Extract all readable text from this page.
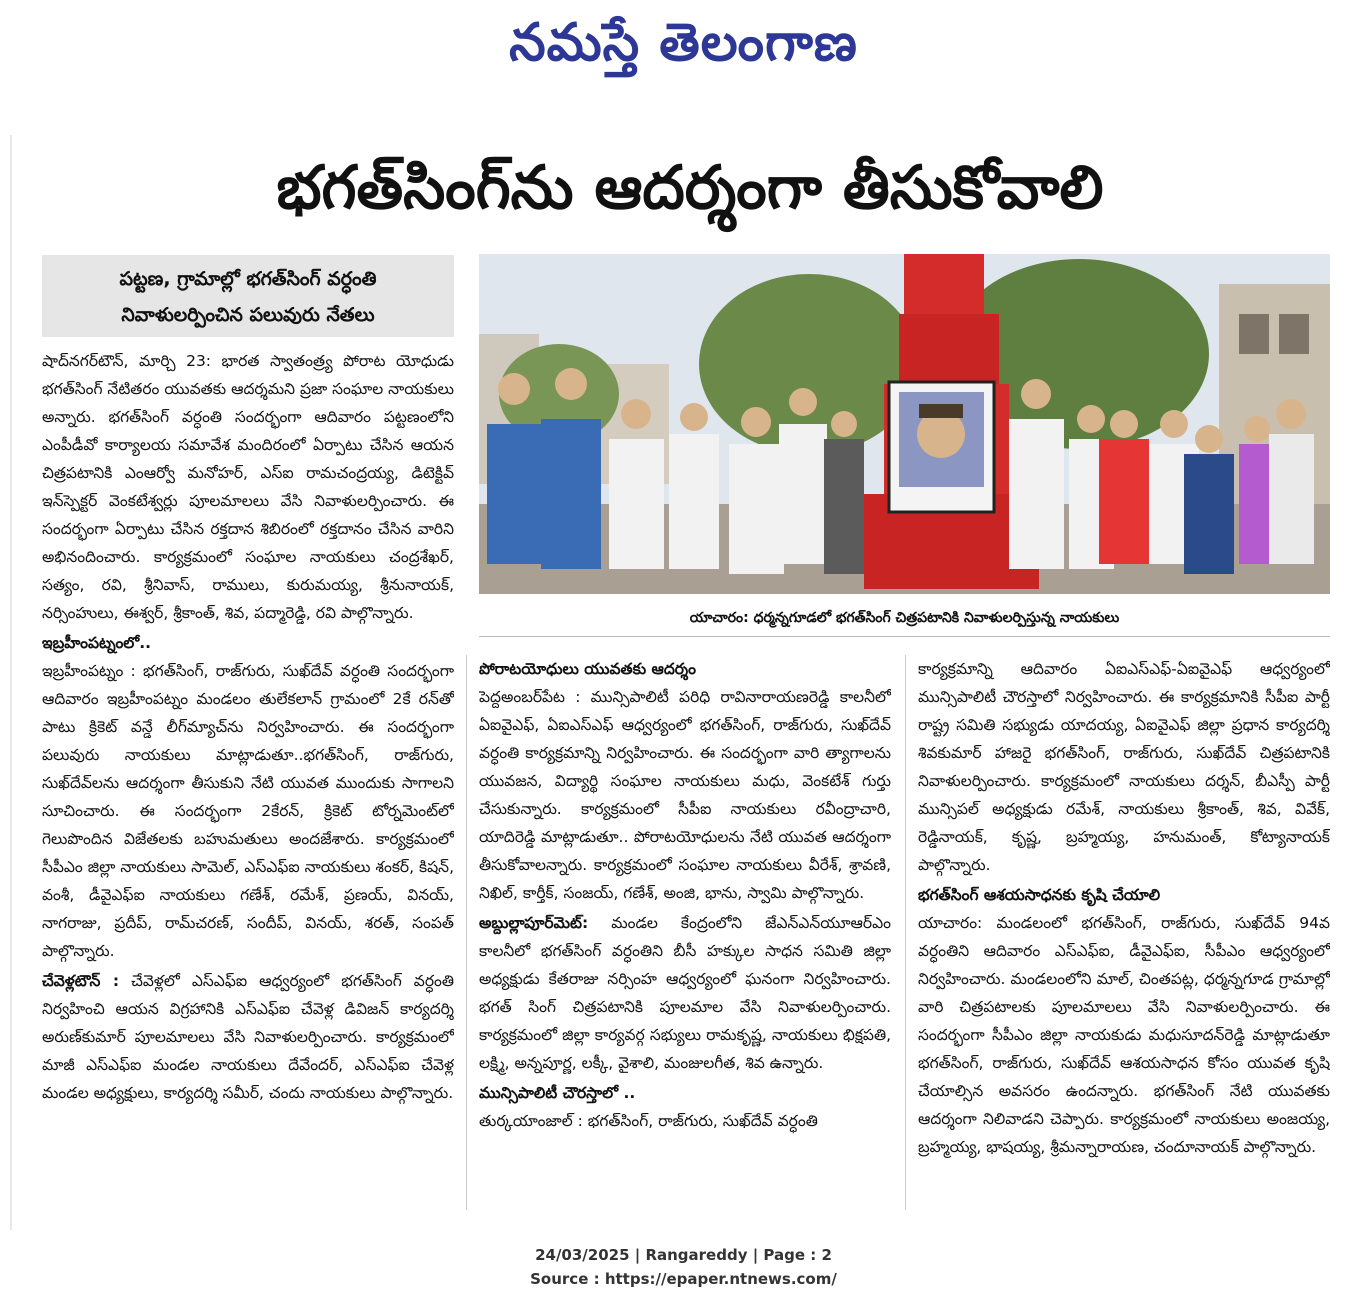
నమస్తే తెలంగాణ
భగత్‌సింగ్‌ను ఆదర్శంగా తీసుకోవాలి
పట్టణ, గ్రామాల్లో భగత్‌సింగ్ వర్ధంతి
నివాళులర్పించిన పలువురు నేతలు
యాచారం: ధర్మన్నగూడలో భగత్‌సింగ్ చిత్రపటానికి నివాళులర్పిస్తున్న నాయకులు

షాద్‌నగర్‌టౌన్, మార్చి 23: భారత స్వాతంత్ర్య పోరాట యోధుడు భగత్‌సింగ్ నేటితరం యువతకు ఆదర్శమని ప్రజా సంఘాల నాయకులు అన్నారు. భగత్‌సింగ్ వర్ధంతి సందర్భంగా ఆదివారం పట్టణంలోని ఎంపీడీవో కార్యాలయ సమావేశ మందిరంలో ఏర్పాటు చేసిన ఆయన చిత్రపటానికి ఎంఆర్వో మనోహర్, ఎస్ఐ రామచంద్రయ్య, డిటెక్టివ్ ఇన్‌స్పెక్టర్ వెంకటేశ్వర్లు పూలమాలలు వేసి నివాళులర్పించారు. ఈ సందర్భంగా ఏర్పాటు చేసిన రక్తదాన శిబిరంలో రక్తదానం చేసిన వారిని అభినందించారు. కార్యక్రమంలో సంఘాల నాయకులు చంద్రశేఖర్, సత్యం, రవి, శ్రీనివాస్, రాములు, కురుమయ్య, శ్రీనునాయక్, నర్సింహులు, ఈశ్వర్, శ్రీకాంత్, శివ, పద్మారెడ్డి, రవి పాల్గొన్నారు.

ఇబ్రహీంపట్నంలో..

ఇబ్రహీంపట్నం : భగత్‌సింగ్, రాజ్‌గురు, సుఖ్‌దేవ్ వర్ధంతి సందర్భంగా ఆదివారం ఇబ్రహీంపట్నం మండలం తులేకలాన్ గ్రామంలో 2కే రన్‌తో పాటు క్రికెట్ వన్డే లీగ్‌మ్యాచ్‌ను నిర్వహించారు. ఈ సందర్భంగా పలువురు నాయకులు మాట్లాడుతూ..భగత్‌సింగ్, రాజ్‌గురు, సుఖ్‌దేవ్‌లను ఆదర్శంగా తీసుకుని నేటి యువత ముందుకు సాగాలని సూచించారు. ఈ సందర్భంగా 2కేరన్, క్రికెట్ టోర్నమెంట్‌లో గెలుపొందిన విజేతలకు బహుమతులు అందజేశారు. కార్యక్రమంలో సీపీఎం జిల్లా నాయకులు సామెల్, ఎస్ఎఫ్ఐ నాయకులు శంకర్, కిషన్, వంశీ, డీవైఎఫ్ఐ నాయకులు గణేశ్, రమేశ్, ప్రణయ్, వినయ్, నాగరాజు, ప్రదీప్, రామ్‌చరణ్, సందీప్, వినయ్, శరత్, సంపత్ పాల్గొన్నారు.

చేవెళ్లటౌన్ : చేవెళ్లలో ఎస్ఎఫ్ఐ ఆధ్వర్యంలో భగత్‌సింగ్ వర్ధంతి నిర్వహించి ఆయన విగ్రహానికి ఎస్ఎఫ్ఐ చేవెళ్ల డివిజన్ కార్యదర్శి అరుణ్‌కుమార్ పూలమాలలు వేసి నివాళులర్పించారు. కార్యక్రమంలో మాజీ ఎస్ఎఫ్ఐ మండల నాయకులు దేవేందర్, ఎస్ఎఫ్ఐ చేవెళ్ల మండల అధ్యక్షులు, కార్యదర్శి సమీర్, చందు నాయకులు పాల్గొన్నారు.

పోరాటయోధులు యువతకు ఆదర్శం

పెద్దఅంబర్‌పేట : మున్సిపాలిటీ పరిధి రావినారాయణరెడ్డి కాలనీలో ఏఐవైఎఫ్, ఏఐఎస్ఎఫ్ ఆధ్వర్యంలో భగత్‌సింగ్, రాజ్‌గురు, సుఖ్‌దేవ్ వర్ధంతి కార్యక్రమాన్ని నిర్వహించారు. ఈ సందర్భంగా వారి త్యాగాలను యువజన, విద్యార్థి సంఘాల నాయకులు మధు, వెంకటేశ్ గుర్తు చేసుకున్నారు. కార్యక్రమంలో సీపీఐ నాయకులు రవీంద్రాచారి, యాదిరెడ్డి మాట్లాడుతూ.. పోరాటయోధులను నేటి యువత ఆదర్శంగా తీసుకోవాలన్నారు. కార్యక్రమంలో సంఘాల నాయకులు వీరేశ్, శ్రావణి, నిఖిల్, కార్తీక్, సంజయ్, గణేశ్, అంజి, భాను, స్వామి పాల్గొన్నారు.

అబ్దుల్లాపూర్‌మెట్: మండల కేంద్రంలోని జేఎన్ఎన్‌యూఆర్ఎం కాలనీలో భగత్‌సింగ్ వర్ధంతిని బీసీ హక్కుల సాధన సమితి జిల్లా అధ్యక్షుడు కేతరాజు నర్సింహ ఆధ్వర్యంలో ఘనంగా నిర్వహించారు. భగత్ సింగ్ చిత్రపటానికి పూలమాల వేసి నివాళులర్పించారు. కార్యక్రమంలో జిల్లా కార్యవర్గ సభ్యులు రామకృష్ణ, నాయకులు భిక్షపతి, లక్ష్మి, అన్నపూర్ణ, లక్కీ, వైశాలి, మంజులగీత, శివ ఉన్నారు.

మున్సిపాలిటీ చౌరస్తాలో ..

తుర్కయాంజాల్ : భగత్‌సింగ్, రాజ్‌గురు, సుఖ్‌దేవ్ వర్ధంతి

కార్యక్రమాన్ని ఆదివారం ఏఐఎస్ఎఫ్-ఏఐవైఎఫ్ ఆధ్వర్యంలో మున్సిపాలిటీ చౌరస్తాలో నిర్వహించారు. ఈ కార్యక్రమానికి సీపీఐ పార్టీ రాష్ట్ర సమితి సభ్యుడు యాదయ్య, ఏఐవైఎఫ్ జిల్లా ప్రధాన కార్యదర్శి శివకుమార్ హాజరై భగత్‌సింగ్, రాజ్‌గురు, సుఖ్‌దేవ్ చిత్రపటానికి నివాళులర్పించారు. కార్యక్రమంలో నాయకులు దర్శన్, బీఎస్పీ పార్టీ మున్సిపల్ అధ్యక్షుడు రమేశ్, నాయకులు శ్రీకాంత్, శివ, వివేక్, రెడ్డినాయక్, కృష్ణ, బ్రహ్మయ్య, హనుమంత్, కోట్యానాయక్ పాల్గొన్నారు.

భగత్‌సింగ్ ఆశయసాధనకు కృషి చేయాలి

యాచారం: మండలంలో భగత్‌సింగ్, రాజ్‌గురు, సుఖ్‌దేవ్ 94వ వర్ధంతిని ఆదివారం ఎస్ఎఫ్ఐ, డీవైఎఫ్ఐ, సీపీఎం ఆధ్వర్యంలో నిర్వహించారు. మండలంలోని మాల్, చింతపట్ల, ధర్మన్నగూడ గ్రామాల్లో వారి చిత్రపటాలకు పూలమాలలు వేసి నివాళులర్పించారు. ఈ సందర్భంగా సీపీఎం జిల్లా నాయకుడు మధుసూదన్‌రెడ్డి మాట్లాడుతూ భగత్‌సింగ్, రాజ్‌గురు, సుఖ్‌దేవ్ ఆశయసాధన కోసం యువత కృషి చేయాల్సిన అవసరం ఉందన్నారు. భగత్‌సింగ్ నేటి యువతకు ఆదర్శంగా నిలివాడని చెప్పారు. కార్యక్రమంలో నాయకులు అంజయ్య, బ్రహ్మయ్య, భాషయ్య, శ్రీమన్నారాయణ, చందూనాయక్ పాల్గొన్నారు.

24/03/2025 | Rangareddy | Page : 2
Source : https://epaper.ntnews.com/
